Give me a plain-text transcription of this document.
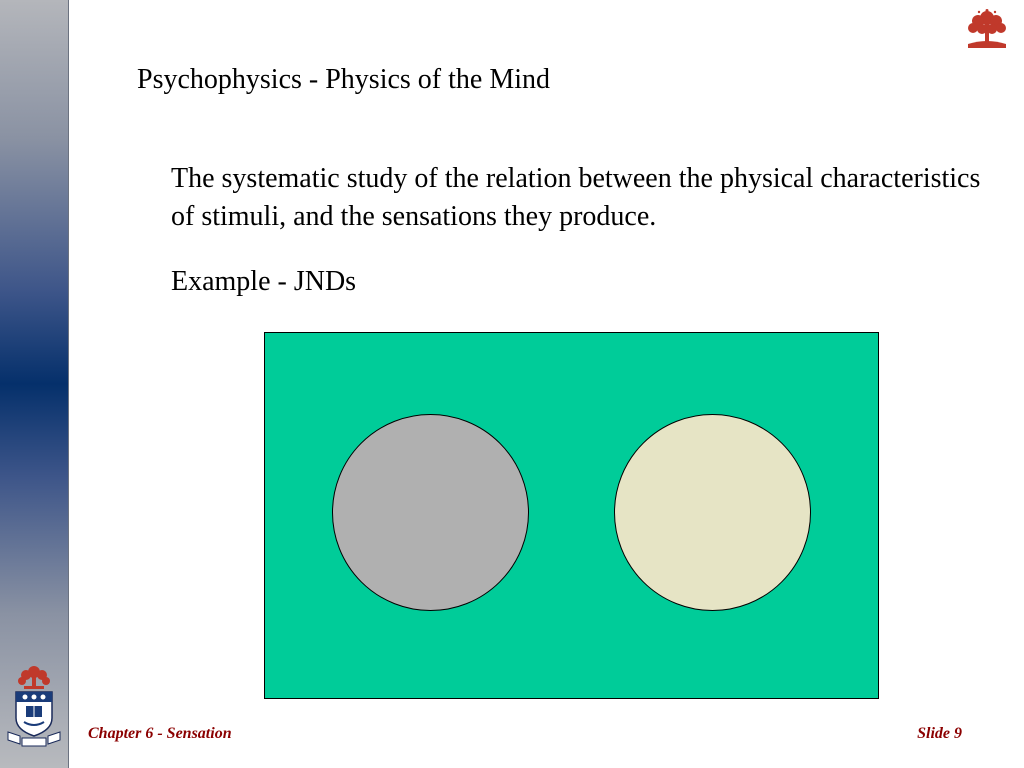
Psychophysics - Physics of the Mind

The systematic study of the relation between the physical characteristics of stimuli, and the sensations they produce.

Example - JNDs

Chapter 6 - Sensation	Slide 9
